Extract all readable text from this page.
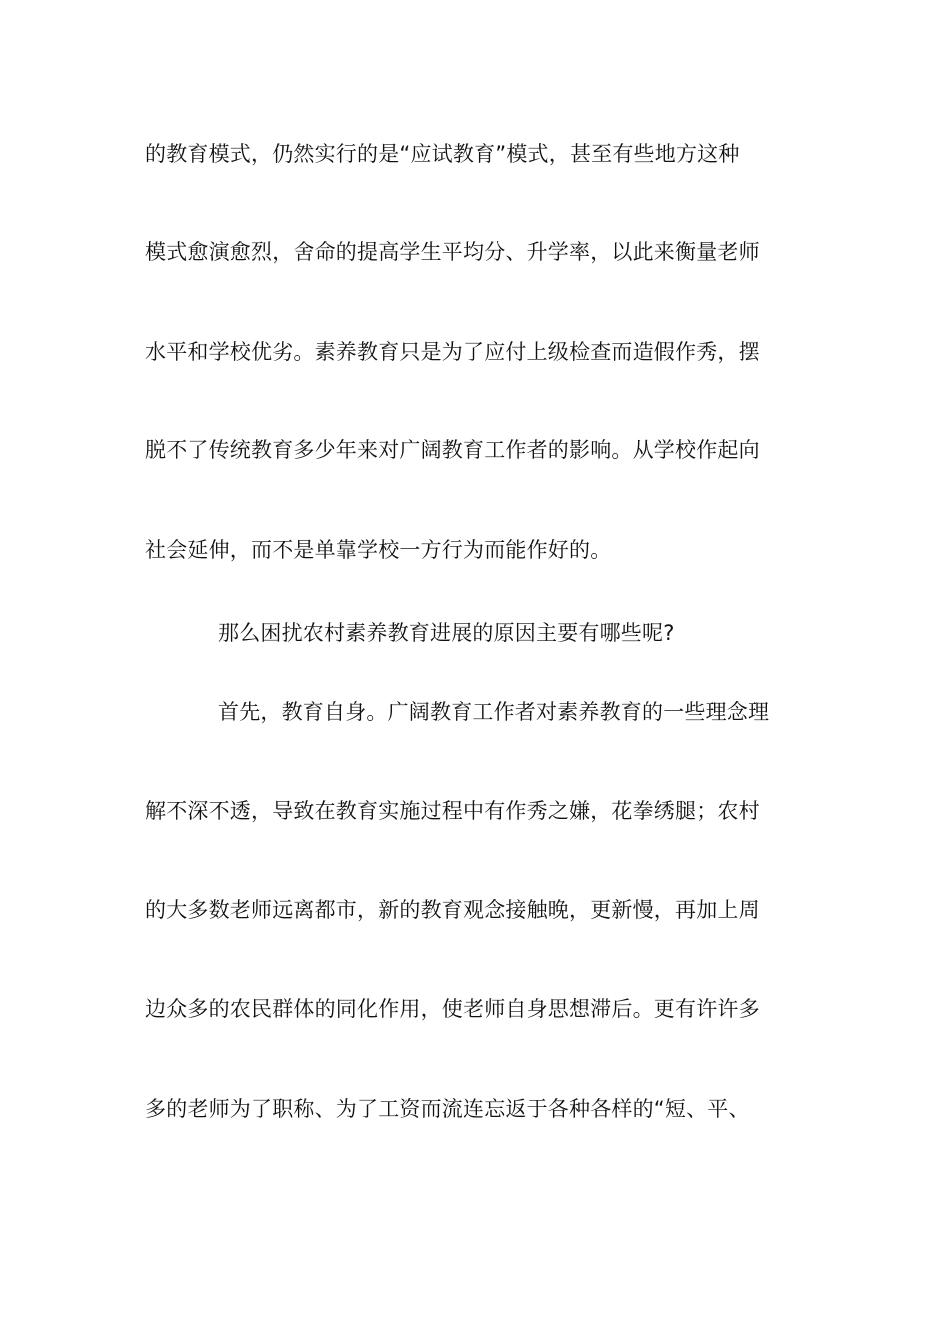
的教育模式，仍然实行的是“应试教育”模式，甚至有些地方这种
模式愈演愈烈，舍命的提高学生平均分、升学率，以此来衡量老师
水平和学校优劣。素养教育只是为了应付上级检查而造假作秀，摆
脱不了传统教育多少年来对广阔教育工作者的影响。从学校作起向
社会延伸，而不是单靠学校一方行为而能作好的。
那么困扰农村素养教育进展的原因主要有哪些呢?
首先，教育自身。广阔教育工作者对素养教育的一些理念理
解不深不透，导致在教育实施过程中有作秀之嫌，花拳绣腿；农村
的大多数老师远离都市，新的教育观念接触晚，更新慢，再加上周
边众多的农民群体的同化作用，使老师自身思想滞后。更有许许多
多的老师为了职称、为了工资而流连忘返于各种各样的“短、平、
